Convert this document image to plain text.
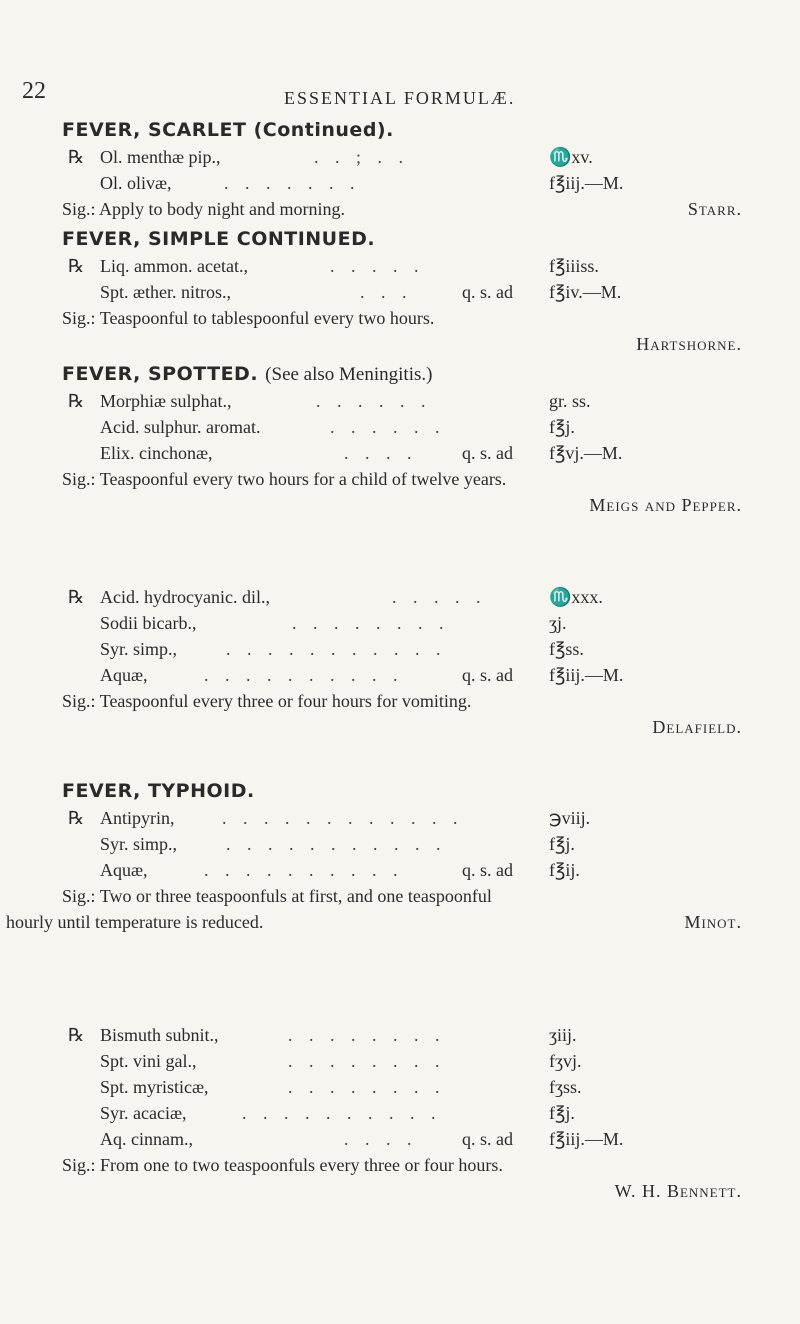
22	ESSENTIAL FORMULÆ.
FEVER, SCARLET (Continued).
℞ Ol. menthæ pip.,	. . ; . .	♏xv.
Ol. olivæ,	. . . . . . .	f℥iij.—M.
Sig.: Apply to body night and morning.	Starr.
FEVER, SIMPLE CONTINUED.
℞ Liq. ammon. acetat.,	. . . . .	f℥iiiss.
Spt. æther. nitros.,	. . .	q. s. ad f℥iv.—M.
Sig.: Teaspoonful to tablespoonful every two hours.
Hartshorne.
FEVER, SPOTTED. (See also Meningitis.)
℞ Morphiæ sulphat.,	. . . . . .	gr. ss.
Acid. sulphur. aromat.	. . . . . .	f℥j.
Elix. cinchonæ,	. . . . q. s. ad f℥vj.—M.
Sig.: Teaspoonful every two hours for a child of twelve years.
Meigs and Pepper.
℞ Acid. hydrocyanic. dil.,	. . . . .	♏xxx.
Sodii bicarb.,	. . . . . . . .	ʒj.
Syr. simp.,	. . . . . . . . . . .	f℥ss.
Aquæ,	. . . . . . . . . .	q. s. ad f℥iij.—M.
Sig.: Teaspoonful every three or four hours for vomiting.
Delafield.
FEVER, TYPHOID.
℞ Antipyrin,	. . . . . . . . . . . .	℈viij.
Syr. simp.,	. . . . . . . . . . .	f℥j.
Aquæ,	. . . . . . . . . .	q. s. ad f℥ij.
Sig.: Two or three teaspoonfuls at first, and one teaspoonful
hourly until temperature is reduced.	Minot.
℞ Bismuth subnit.,	. . . . . . . .	ʒiij.
Spt. vini gal.,	. . . . . . . .	fʒvj.
Spt. myristicæ,	. . . . . . . .	fʒss.
Syr. acaciæ,	. . . . . . . . . .	f℥j.
Aq. cinnam.,	. . . . q. s. ad f℥iij.—M.
Sig.: From one to two teaspoonfuls every three or four hours.
W. H. Bennett.
